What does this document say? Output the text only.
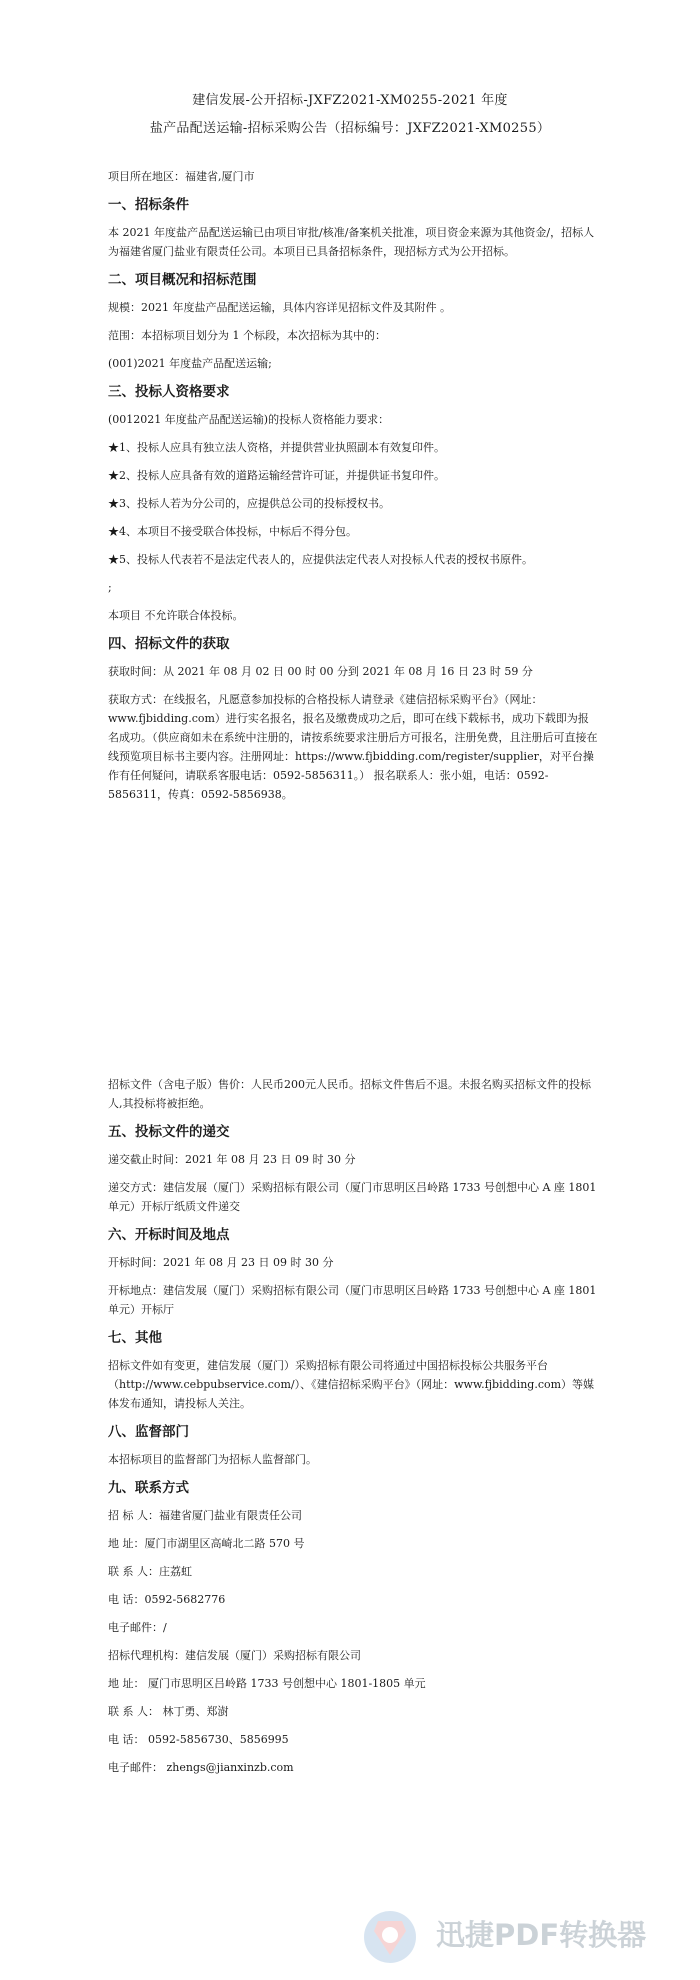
建信发展-公开招标-JXFZ2021-XM0255-2021 年度
盐产品配送运输-招标采购公告（招标编号：JXFZ2021-XM0255）
项目所在地区：福建省,厦门市
一、招标条件
本 2021 年度盐产品配送运输已由项目审批/核准/备案机关批准，项目资金来源为其他资金/，招标人为福建省厦门盐业有限责任公司。本项目已具备招标条件，现招标方式为公开招标。
二、项目概况和招标范围
规模：2021 年度盐产品配送运输，具体内容详见招标文件及其附件 。
范围：本招标项目划分为 1 个标段，本次招标为其中的：
(001)2021 年度盐产品配送运输;
三、投标人资格要求
(0012021 年度盐产品配送运输)的投标人资格能力要求：
★1、投标人应具有独立法人资格，并提供营业执照副本有效复印件。
★2、投标人应具备有效的道路运输经营许可证，并提供证书复印件。
★3、投标人若为分公司的，应提供总公司的投标授权书。
★4、本项目不接受联合体投标，中标后不得分包。
★5、投标人代表若不是法定代表人的，应提供法定代表人对投标人代表的授权书原件。
;
本项目 不允许联合体投标。
四、招标文件的获取
获取时间：从 2021 年 08 月 02 日 00 时 00 分到 2021 年 08 月 16 日 23 时 59 分
获取方式：在线报名，凡愿意参加投标的合格投标人请登录《建信招标采购平台》（网址：www.fjbidding.com）进行实名报名，报名及缴费成功之后，即可在线下载标书，成功下载即为报名成功。（供应商如未在系统中注册的，请按系统要求注册后方可报名，注册免费，且注册后可直接在线预览项目标书主要内容。注册网址：https://www.fjbidding.com/register/supplier，对平台操作有任何疑问，请联系客服电话：0592-5856311。） 报名联系人：张小姐，电话：0592-5856311，传真：0592-5856938。
招标文件（含电子版）售价：人民币200元人民币。招标文件售后不退。未报名购买招标文件的投标人,其投标将被拒绝。
五、投标文件的递交
递交截止时间：2021 年 08 月 23 日 09 时 30 分
递交方式：建信发展（厦门）采购招标有限公司（厦门市思明区吕岭路 1733 号创想中心 A 座 1801 单元）开标厅纸质文件递交
六、开标时间及地点
开标时间：2021 年 08 月 23 日 09 时 30 分
开标地点：建信发展（厦门）采购招标有限公司（厦门市思明区吕岭路 1733 号创想中心 A 座 1801 单元）开标厅
七、其他
招标文件如有变更，建信发展（厦门）采购招标有限公司将通过中国招标投标公共服务平台（http://www.cebpubservice.com/）、《建信招标采购平台》（网址：www.fjbidding.com）等媒体发布通知，请投标人关注。
八、监督部门
本招标项目的监督部门为招标人监督部门。
九、联系方式
招 标 人：福建省厦门盐业有限责任公司
地 址：厦门市湖里区高崎北二路 570 号
联 系 人：庄荔虹
电 话：0592-5682776
电子邮件：/
招标代理机构：建信发展（厦门）采购招标有限公司
地 址： 厦门市思明区吕岭路 1733 号创想中心 1801-1805 单元
联 系 人： 林丁勇、郑澍
电 话： 0592-5856730、5856995
电子邮件： zhengs@jianxinzb.com
迅捷PDF转换器
